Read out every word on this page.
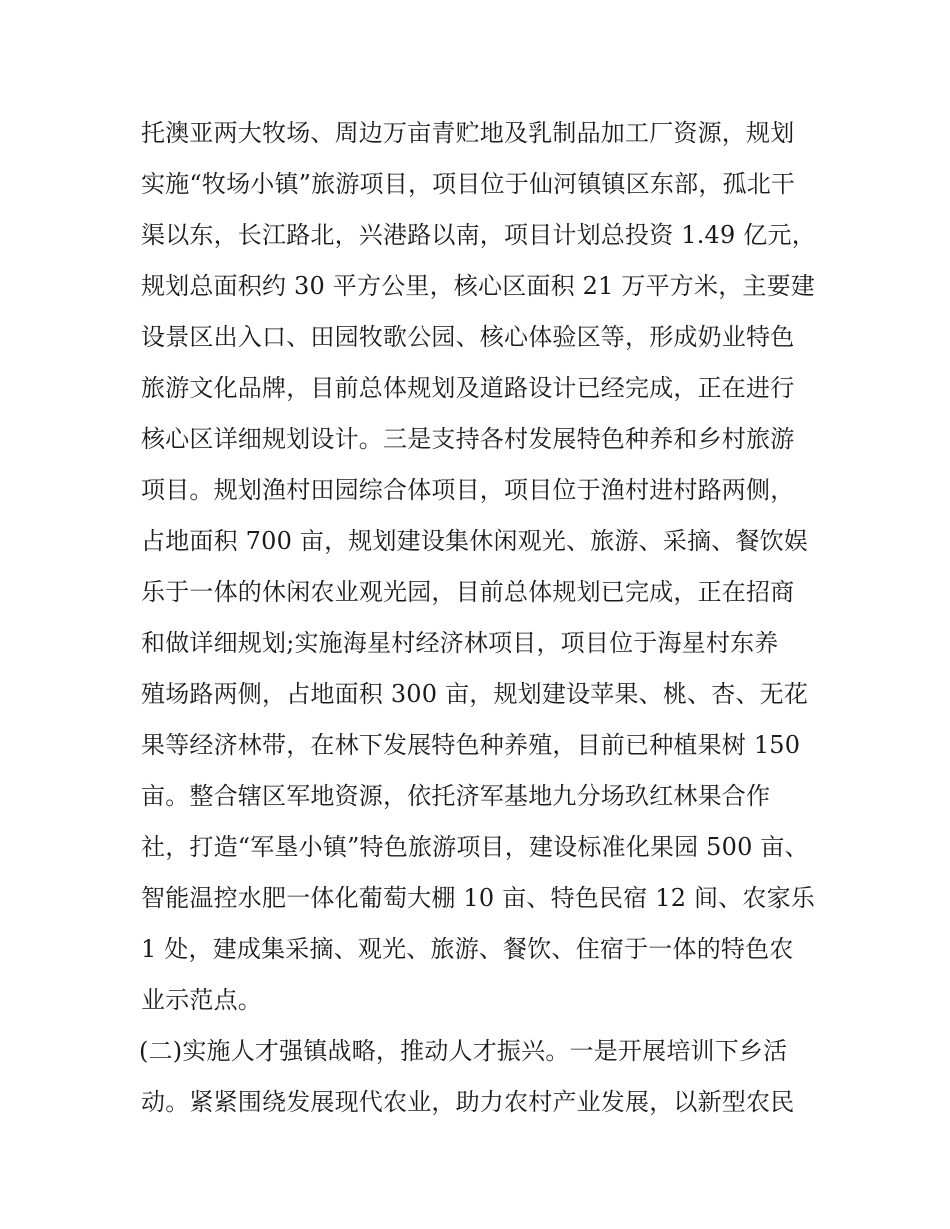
托澳亚两大牧场、周边万亩青贮地及乳制品加工厂资源，规划
实施“牧场小镇”旅游项目，项目位于仙河镇镇区东部，孤北干
渠以东，长江路北，兴港路以南，项目计划总投资 1.49 亿元，
规划总面积约 30 平方公里，核心区面积 21 万平方米，主要建
设景区出入口、田园牧歌公园、核心体验区等，形成奶业特色
旅游文化品牌，目前总体规划及道路设计已经完成，正在进行
核心区详细规划设计。三是支持各村发展特色种养和乡村旅游
项目。规划渔村田园综合体项目，项目位于渔村进村路两侧，
占地面积 700 亩，规划建设集休闲观光、旅游、采摘、餐饮娱
乐于一体的休闲农业观光园，目前总体规划已完成，正在招商
和做详细规划;实施海星村经济林项目，项目位于海星村东养
殖场路两侧，占地面积 300 亩，规划建设苹果、桃、杏、无花
果等经济林带，在林下发展特色种养殖，目前已种植果树 150
亩。整合辖区军地资源，依托济军基地九分场玖红林果合作
社，打造“军垦小镇”特色旅游项目，建设标准化果园 500 亩、
智能温控水肥一体化葡萄大棚 10 亩、特色民宿 12 间、农家乐
1 处，建成集采摘、观光、旅游、餐饮、住宿于一体的特色农
业示范点。
(二)实施人才强镇战略，推动人才振兴。一是开展培训下乡活
动。紧紧围绕发展现代农业，助力农村产业发展，以新型农民
